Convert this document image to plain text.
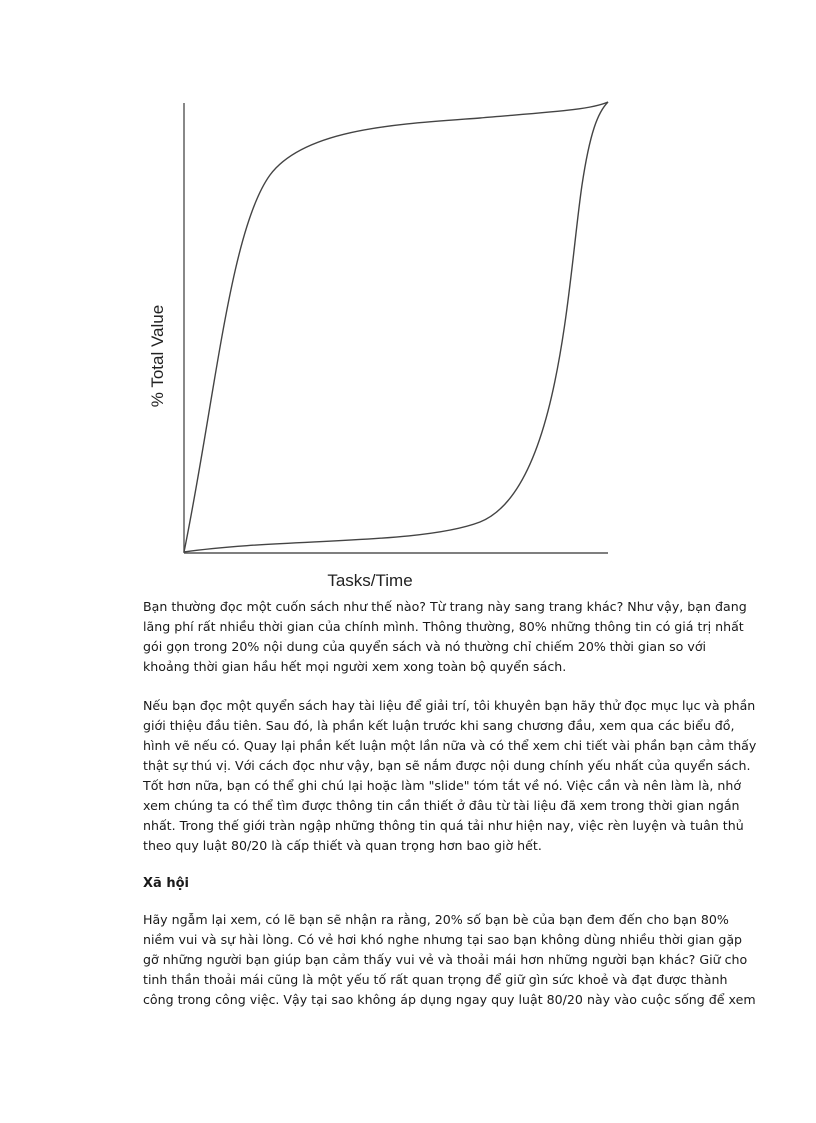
% Total Value
Tasks/Time
Bạn thường đọc một cuốn sách như thế nào? Từ trang này sang trang khác? Như vậy, bạn đang
lãng phí rất nhiều thời gian của chính mình. Thông thường, 80% những thông tin có giá trị nhất
gói gọn trong 20% nội dung của quyển sách và nó thường chỉ chiếm 20% thời gian so với
khoảng thời gian hầu hết mọi người xem xong toàn bộ quyển sách.
Nếu bạn đọc một quyển sách hay tài liệu để giải trí, tôi khuyên bạn hãy thử đọc mục lục và phần
giới thiệu đầu tiên. Sau đó, là phần kết luận trước khi sang chương đầu, xem qua các biểu đồ,
hình vẽ nếu có. Quay lại phần kết luận một lần nữa và có thể xem chi tiết vài phần bạn cảm thấy
thật sự thú vị. Với cách đọc như vậy, bạn sẽ nắm được nội dung chính yếu nhất của quyển sách.
Tốt hơn nữa, bạn có thể ghi chú lại hoặc làm "slide" tóm tắt về nó. Việc cần và nên làm là, nhớ
xem chúng ta có thể tìm được thông tin cần thiết ở đâu từ tài liệu đã xem trong thời gian ngắn
nhất. Trong thế giới tràn ngập những thông tin quá tải như hiện nay, việc rèn luyện và tuân thủ
theo quy luật 80/20 là cấp thiết và quan trọng hơn bao giờ hết.
Xã hội
Hãy ngẫm lại xem, có lẽ bạn sẽ nhận ra rằng, 20% số bạn bè của bạn đem đến cho bạn 80%
niềm vui và sự hài lòng. Có vẻ hơi khó nghe nhưng tại sao bạn không dùng nhiều thời gian gặp
gỡ những người bạn giúp bạn cảm thấy vui vẻ và thoải mái hơn những người bạn khác? Giữ cho
tinh thần thoải mái cũng là một yếu tố rất quan trọng để giữ gìn sức khoẻ và đạt được thành
công trong công việc. Vậy tại sao không áp dụng ngay quy luật 80/20 này vào cuộc sống để xem
